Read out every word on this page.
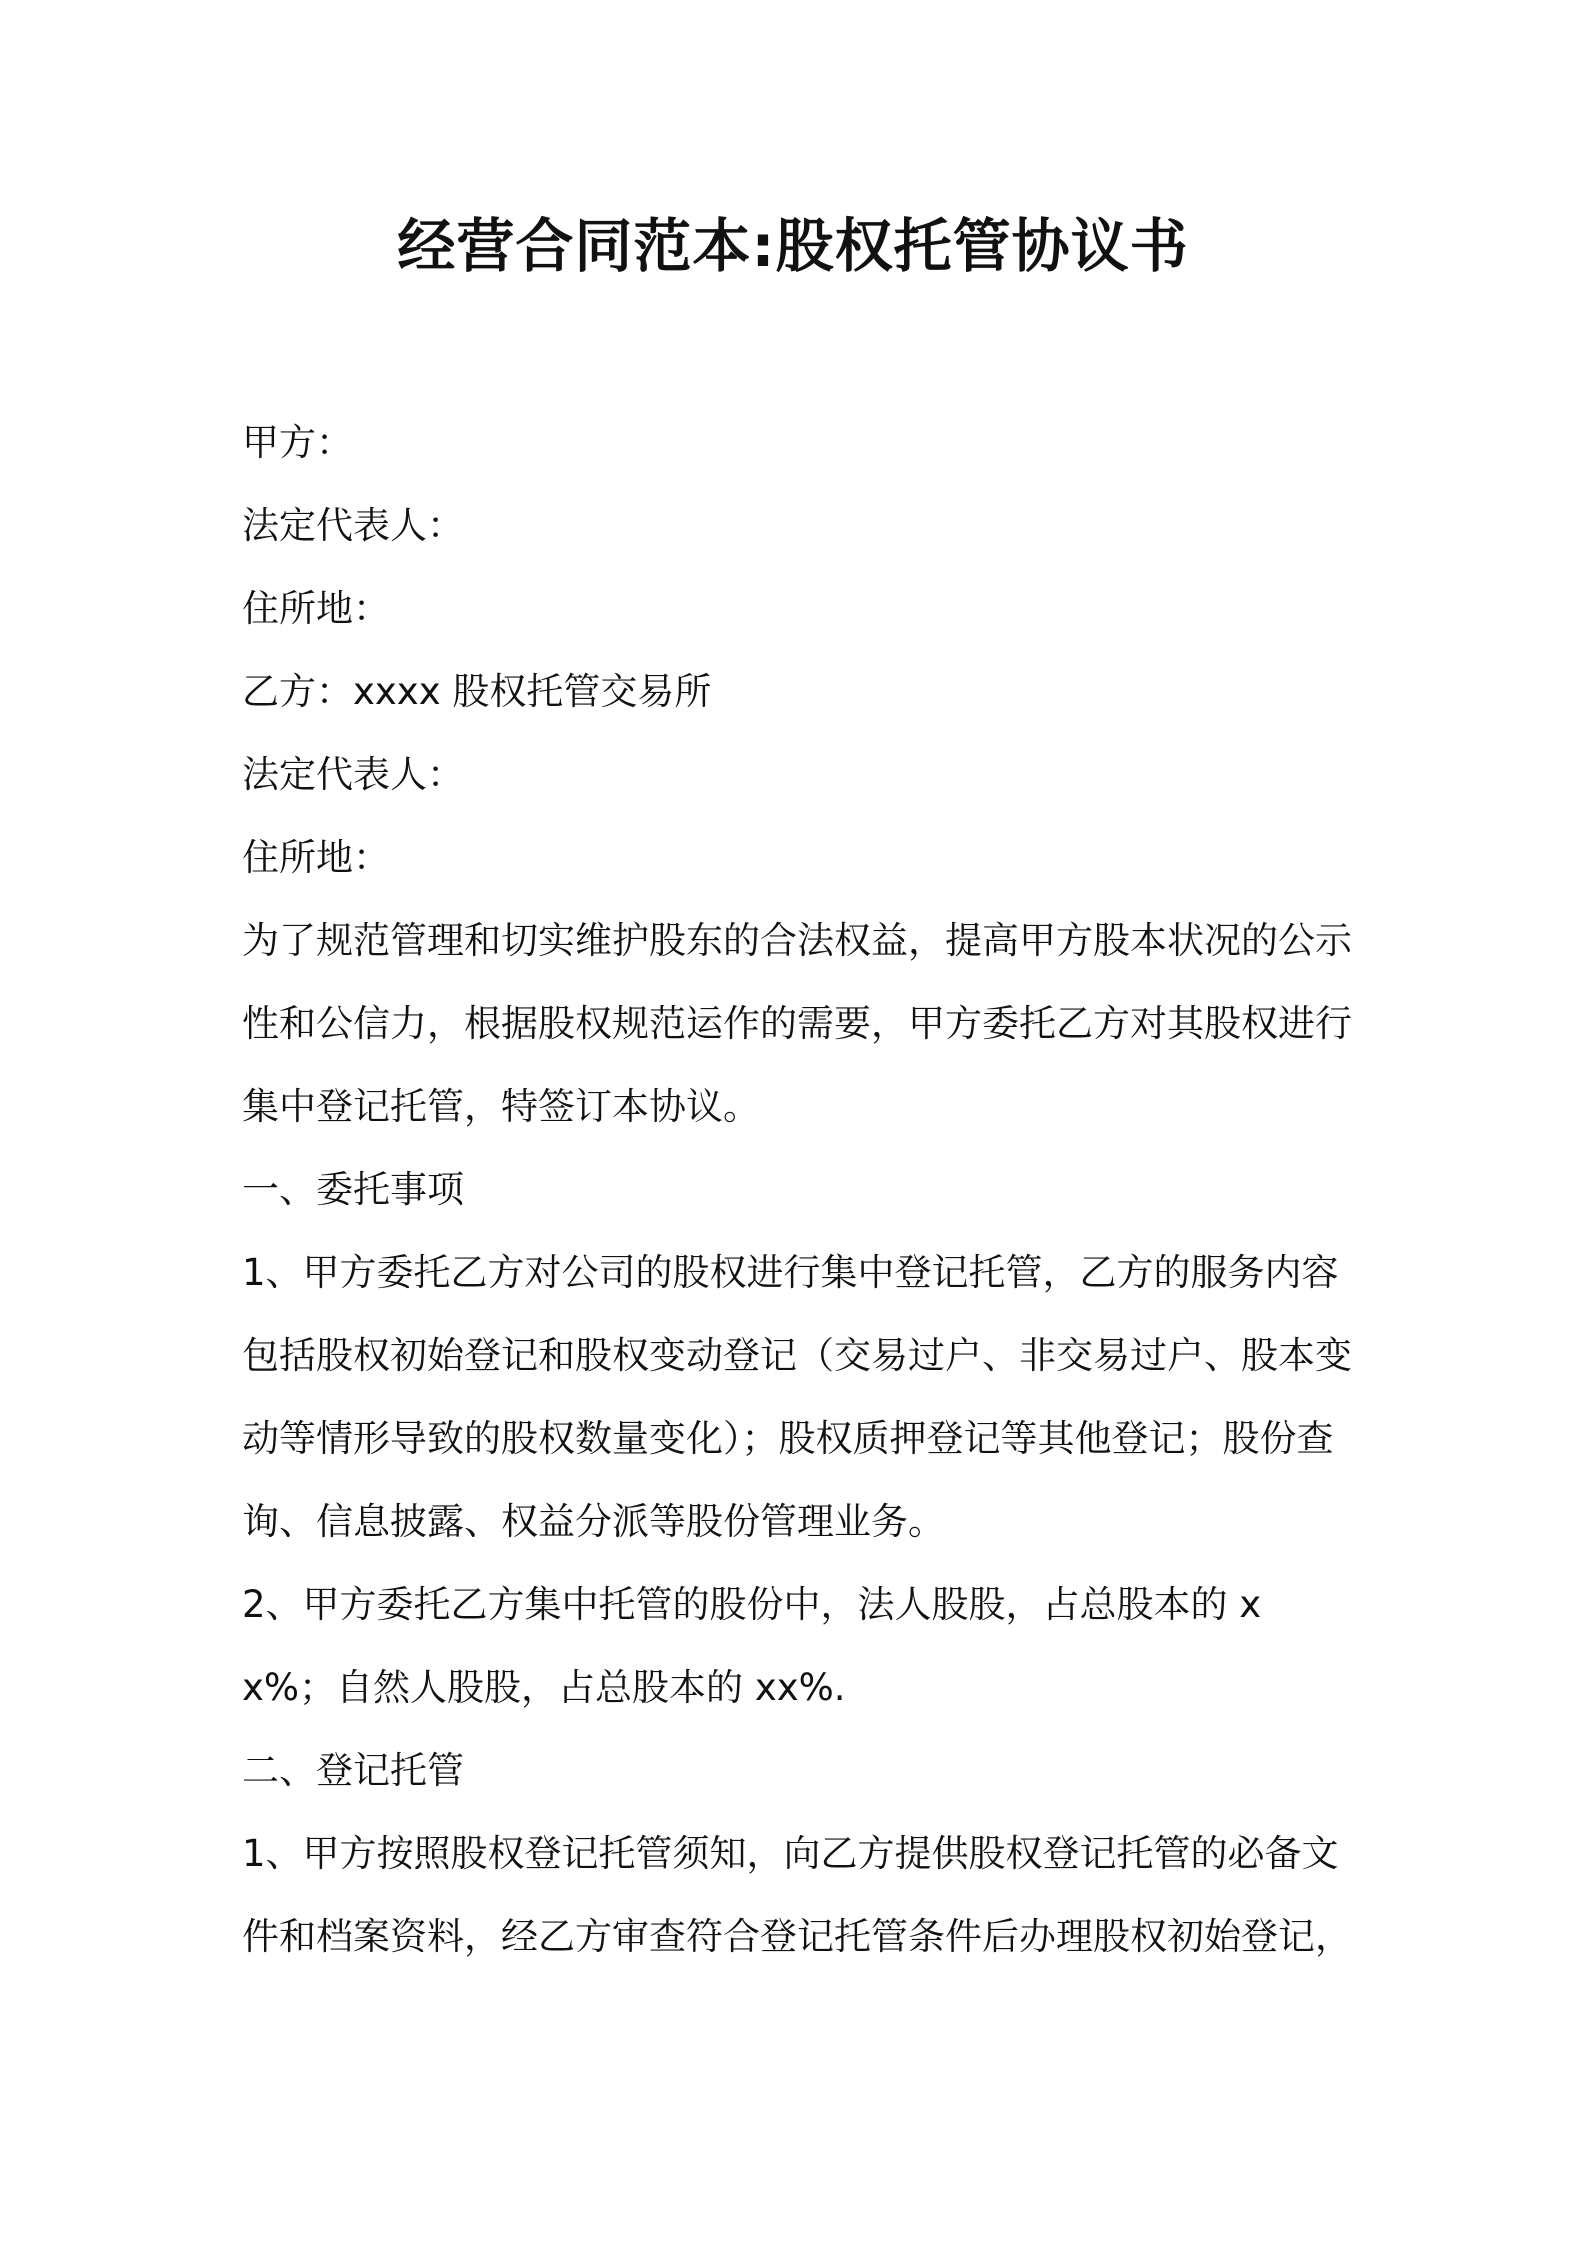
经营合同范本:股权托管协议书

甲方：

法定代表人：

住所地：

乙方：xxxx 股权托管交易所

法定代表人：

住所地：

为了规范管理和切实维护股东的合法权益，提高甲方股本状况的公示性和公信力，根据股权规范运作的需要，甲方委托乙方对其股权进行集中登记托管，特签订本协议。

一、委托事项

1、甲方委托乙方对公司的股权进行集中登记托管，乙方的服务内容包括股权初始登记和股权变动登记（交易过户、非交易过户、股本变动等情形导致的股权数量变化）；股权质押登记等其他登记；股份查询、信息披露、权益分派等股份管理业务。

2、甲方委托乙方集中托管的股份中，法人股股，占总股本的 xx%；自然人股股，占总股本的 xx%.

二、登记托管

1、甲方按照股权登记托管须知，向乙方提供股权登记托管的必备文件和档案资料，经乙方审查符合登记托管条件后办理股权初始登记，
